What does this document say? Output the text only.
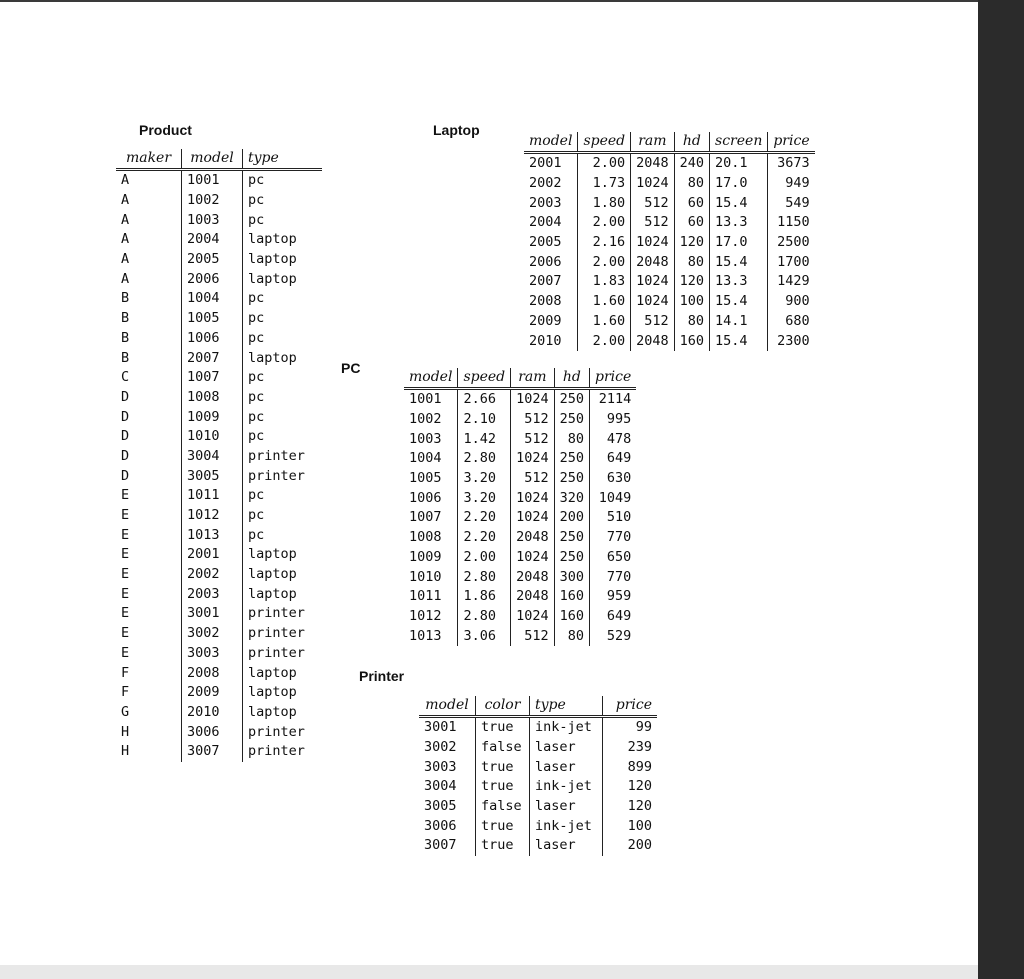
Product	Laptop
PC
Printer
maker	model	type
A	1001	pc
A	1002	pc
A	1003	pc
A	2004	laptop
A	2005	laptop
A	2006	laptop
B	1004	pc
B	1005	pc
B	1006	pc
B	2007	laptop
C	1007	pc
D	1008	pc
D	1009	pc
D	1010	pc
D	3004	printer
D	3005	printer
E	1011	pc
E	1012	pc
E	1013	pc
E	2001	laptop
E	2002	laptop
E	2003	laptop
E	3001	printer
E	3002	printer
E	3003	printer
F	2008	laptop
F	2009	laptop
G	2010	laptop
H	3006	printer
H	3007	printer
model	speed	ram	hd	screen	price
2001	2.00	2048	240	20.1	3673
2002	1.73	1024	80	17.0	949
2003	1.80	512	60	15.4	549
2004	2.00	512	60	13.3	1150
2005	2.16	1024	120	17.0	2500
2006	2.00	2048	80	15.4	1700
2007	1.83	1024	120	13.3	1429
2008	1.60	1024	100	15.4	900
2009	1.60	512	80	14.1	680
2010	2.00	2048	160	15.4	2300
model	speed	ram	hd	price
1001	2.66	1024	250	2114
1002	2.10	512	250	995
1003	1.42	512	80	478
1004	2.80	1024	250	649
1005	3.20	512	250	630
1006	3.20	1024	320	1049
1007	2.20	1024	200	510
1008	2.20	2048	250	770
1009	2.00	1024	250	650
1010	2.80	2048	300	770
1011	1.86	2048	160	959
1012	2.80	1024	160	649
1013	3.06	512	80	529
model	color	type	price
3001	true	ink-jet	99
3002	false	laser	239
3003	true	laser	899
3004	true	ink-jet	120
3005	false	laser	120
3006	true	ink-jet	100
3007	true	laser	200
